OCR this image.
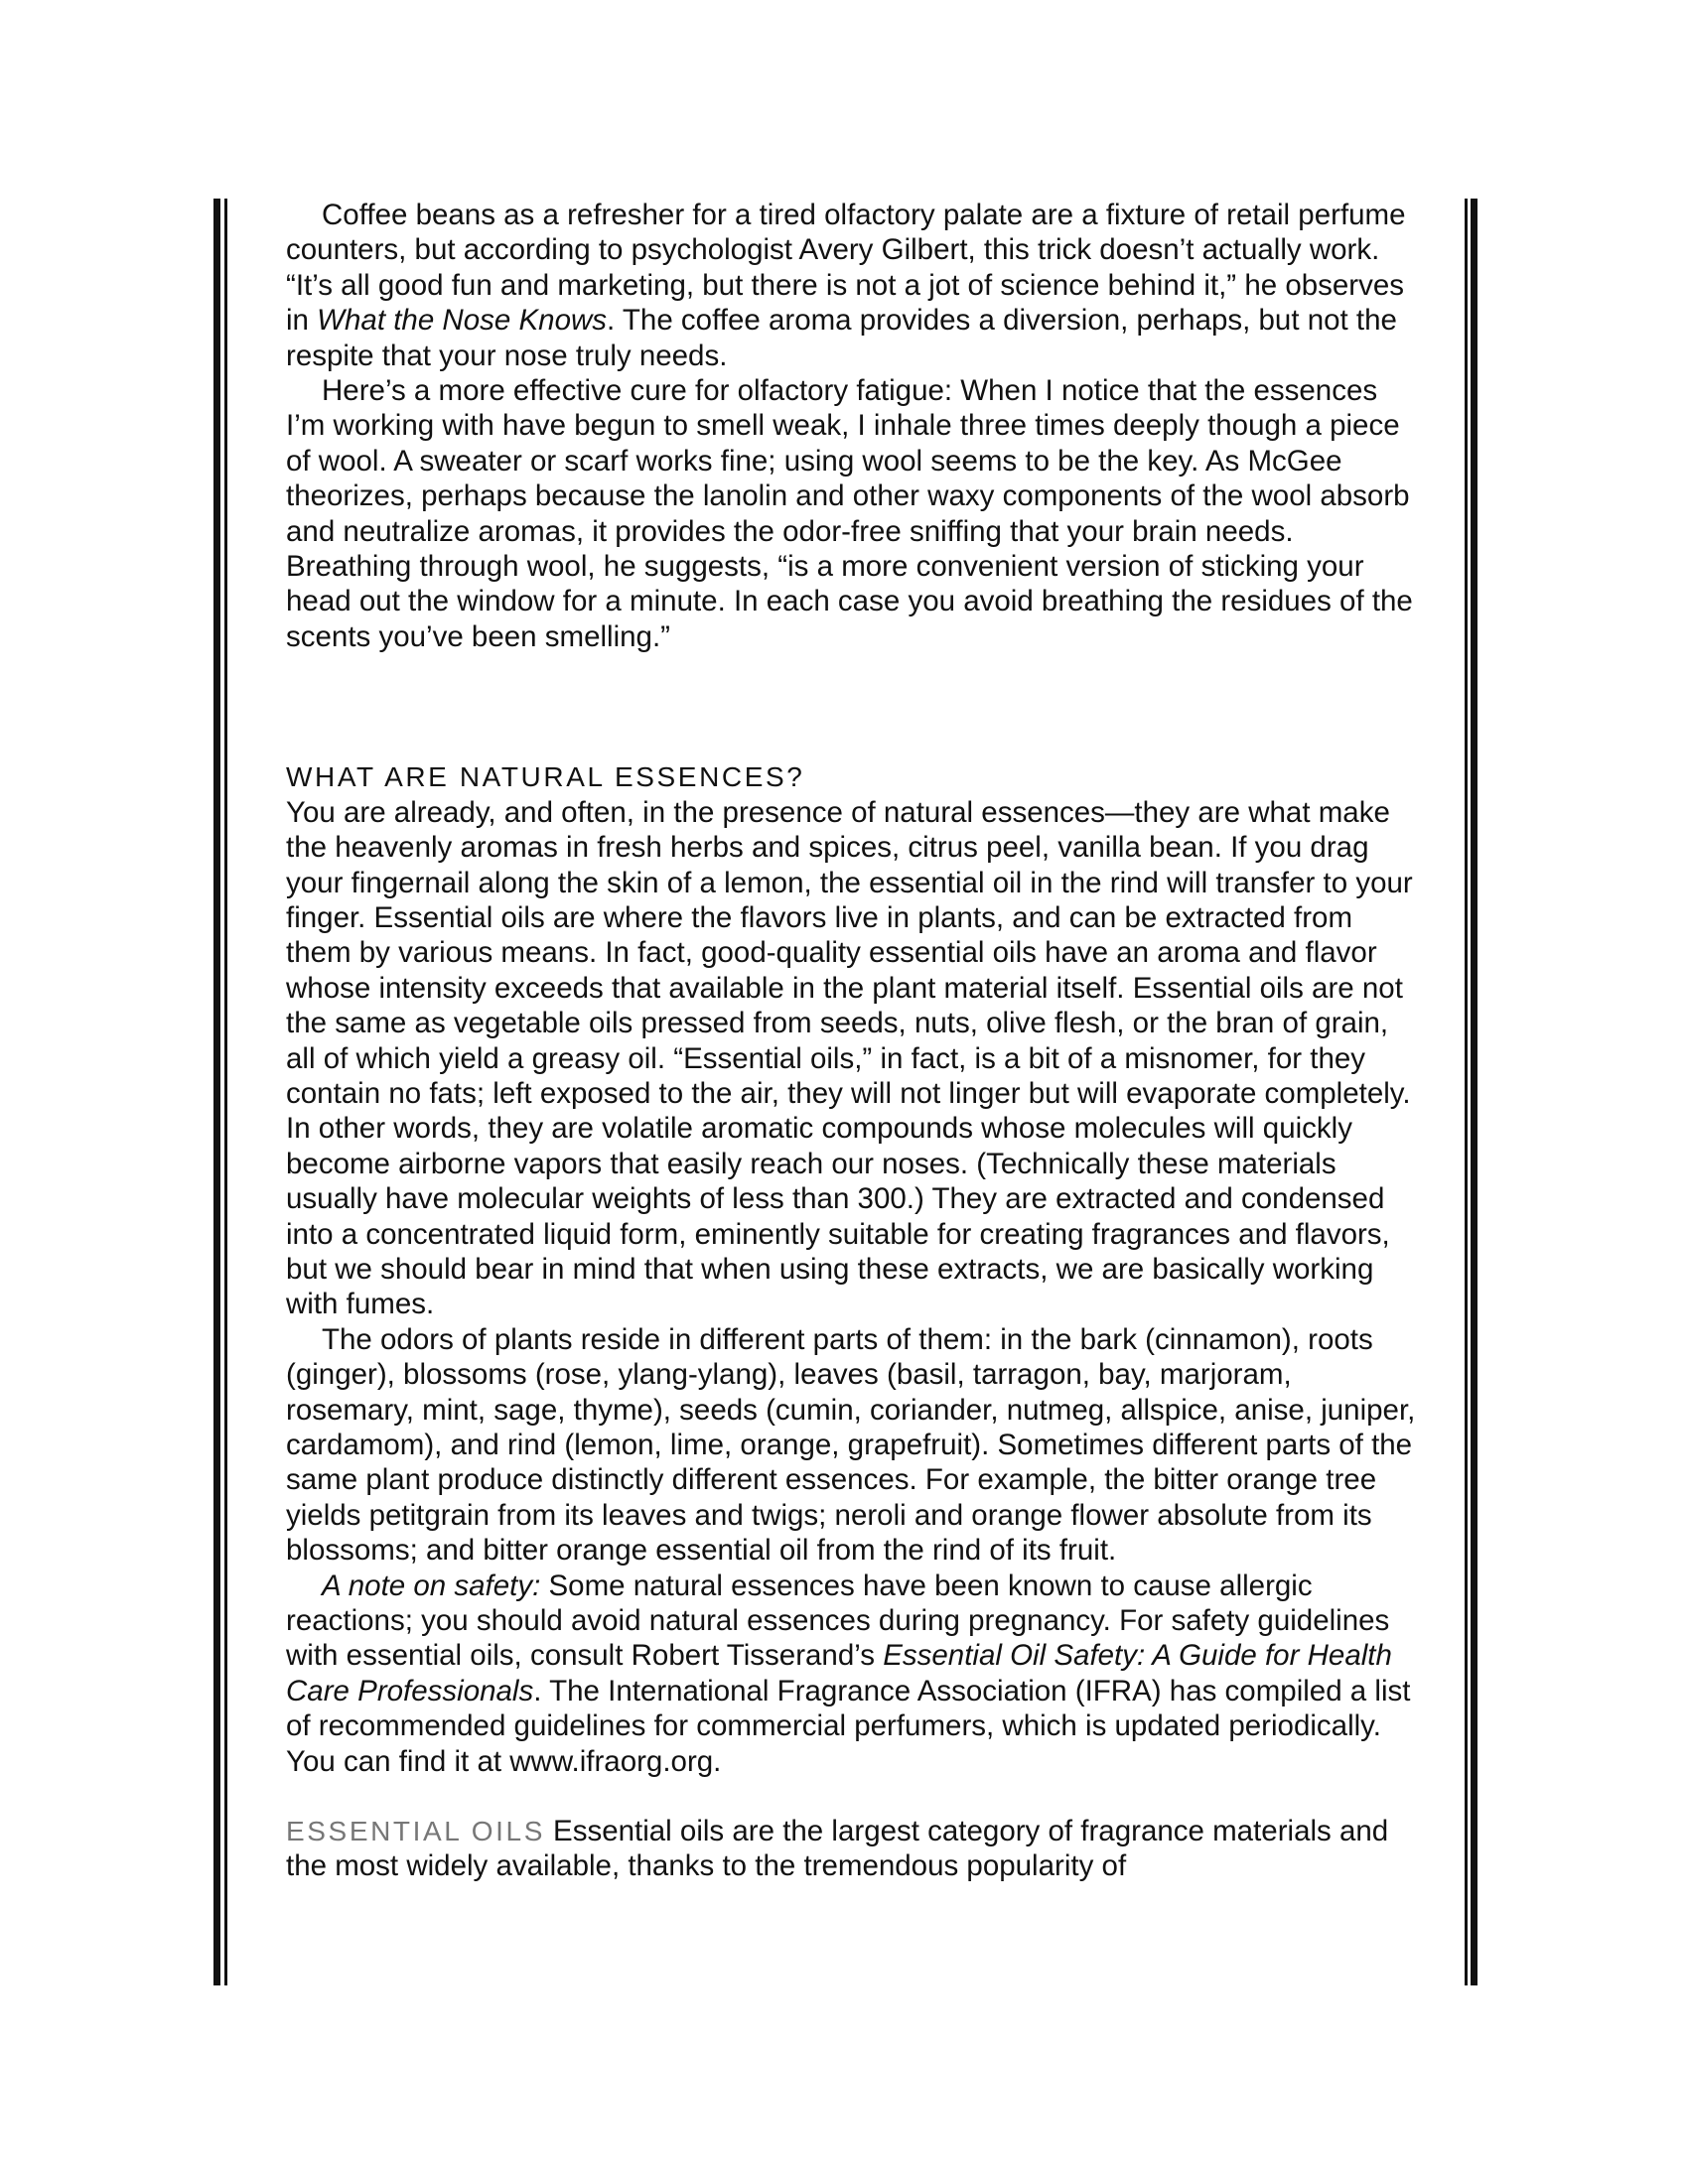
Coffee beans as a refresher for a tired olfactory palate are a fixture of retail perfume counters, but according to psychologist Avery Gilbert, this trick doesn’t actually work. “It’s all good fun and marketing, but there is not a jot of science behind it,” he observes in What the Nose Knows. The coffee aroma provides a diversion, perhaps, but not the respite that your nose truly needs.

Here’s a more effective cure for olfactory fatigue: When I notice that the essences I’m working with have begun to smell weak, I inhale three times deeply though a piece of wool. A sweater or scarf works fine; using wool seems to be the key. As McGee theorizes, perhaps because the lanolin and other waxy components of the wool absorb and neutralize aromas, it provides the odor-free sniffing that your brain needs. Breathing through wool, he suggests, “is a more convenient version of sticking your head out the window for a minute. In each case you avoid breathing the residues of the scents you’ve been smelling.”

WHAT ARE NATURAL ESSENCES?

You are already, and often, in the presence of natural essences—they are what make the heavenly aromas in fresh herbs and spices, citrus peel, vanilla bean. If you drag your fingernail along the skin of a lemon, the essential oil in the rind will transfer to your finger. Essential oils are where the flavors live in plants, and can be extracted from them by various means. In fact, good-quality essential oils have an aroma and flavor whose intensity exceeds that available in the plant material itself. Essential oils are not the same as vegetable oils pressed from seeds, nuts, olive flesh, or the bran of grain, all of which yield a greasy oil. “Essential oils,” in fact, is a bit of a misnomer, for they contain no fats; left exposed to the air, they will not linger but will evaporate completely. In other words, they are volatile aromatic compounds whose molecules will quickly become airborne vapors that easily reach our noses. (Technically these materials usually have molecular weights of less than 300.) They are extracted and condensed into a concentrated liquid form, eminently suitable for creating fragrances and flavors, but we should bear in mind that when using these extracts, we are basically working with fumes.

The odors of plants reside in different parts of them: in the bark (cinnamon), roots (ginger), blossoms (rose, ylang-ylang), leaves (basil, tarragon, bay, marjoram, rosemary, mint, sage, thyme), seeds (cumin, coriander, nutmeg, allspice, anise, juniper, cardamom), and rind (lemon, lime, orange, grapefruit). Sometimes different parts of the same plant produce distinctly different essences. For example, the bitter orange tree yields petitgrain from its leaves and twigs; neroli and orange flower absolute from its blossoms; and bitter orange essential oil from the rind of its fruit.

A note on safety: Some natural essences have been known to cause allergic reactions; you should avoid natural essences during pregnancy. For safety guidelines with essential oils, consult Robert Tisserand’s Essential Oil Safety: A Guide for Health Care Professionals. The International Fragrance Association (IFRA) has compiled a list of recommended guidelines for commercial perfumers, which is updated periodically. You can find it at www.ifraorg.org.

ESSENTIAL OILS Essential oils are the largest category of fragrance materials and the most widely available, thanks to the tremendous popularity of
